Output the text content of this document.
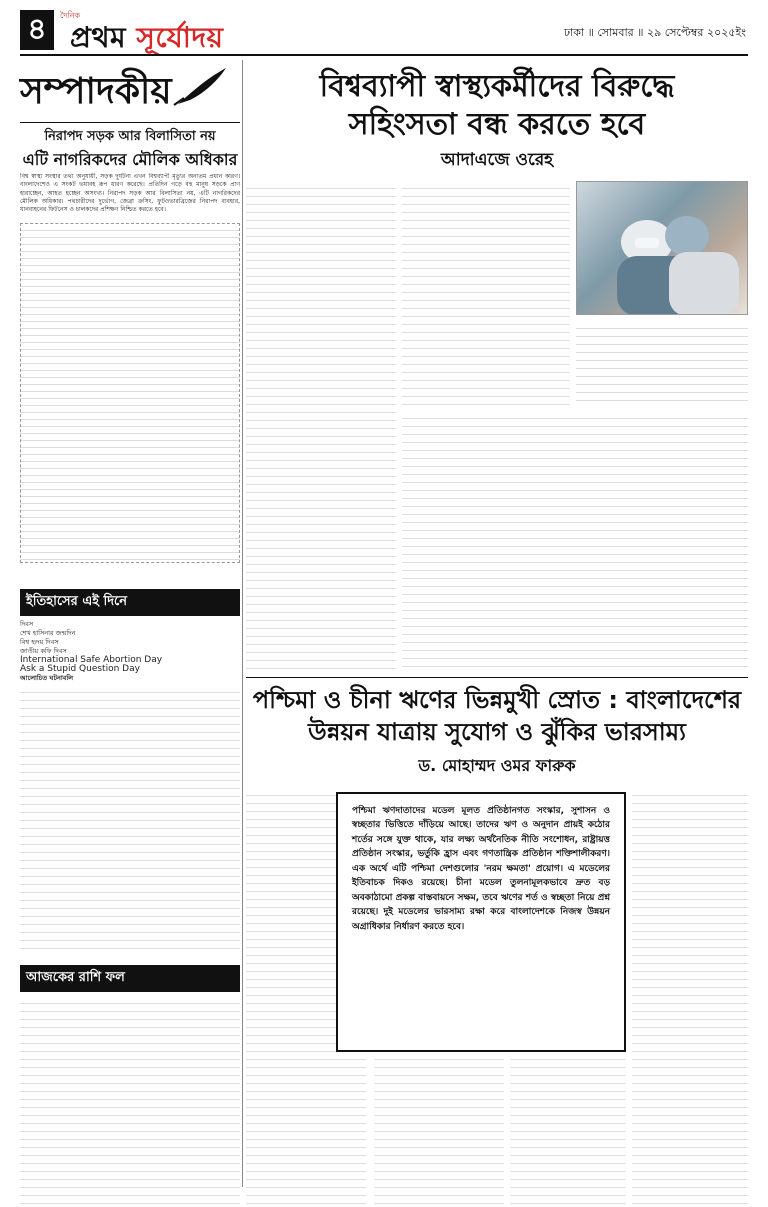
৪	দৈনিক
প্রথম সূর্যোদয়	ঢাকা ॥ সোমবার ॥ ২৯ সেপ্টেম্বর ২০২৫ইং
সম্পাদকীয়
নিরাপদ সড়ক আর বিলাসিতা নয়
এটি নাগরিকদের মৌলিক অধিকার
বিশ্ব স্বাস্থ্য সংস্থার তথ্য অনুযায়ী, সড়ক দুর্ঘটনা এখন বিশ্বব্যাপী মৃত্যুর অন্যতম প্রধান কারণ। বাংলাদেশেও এ সংকট ভয়াবহ রূপ ধারণ করেছে। প্রতিদিন গড়ে বহু মানুষ সড়কে প্রাণ হারাচ্ছেন, আহত হচ্ছেন অসংখ্য। নিরাপদ সড়ক আর বিলাসিতা নয়, এটি নাগরিকদের মৌলিক অধিকার। পথচারীদের দুর্ভোগ, জেব্রা ক্রসিং, ফুটওভারব্রিজের নিরাপদ ব্যবহার, যানবাহনের ফিটনেস ও চালকদের প্রশিক্ষণ নিশ্চিত করতে হবে।
ইতিহাসের এই দিনে
দিবস
শেখ হাসিনার জন্মদিন
বিশ্ব হৃদয় দিবস
জাতীয় কফি দিবস
International Safe Abortion Day
Ask a Stupid Question Day
আলোচিত ঘটনাবলি
আজকের রাশি ফল
বিশ্বব্যাপী স্বাস্থ্যকর্মীদের বিরুদ্ধে
সহিংসতা বন্ধ করতে হবে
আদাএজে ওরেহ
পশ্চিমা ও চীনা ঋণের ভিন্নমুখী স্রোত : বাংলাদেশের
উন্নয়ন যাত্রায় সুযোগ ও ঝুঁকির ভারসাম্য
ড. মোহাম্মদ ওমর ফারুক
পশ্চিমা ঋণদাতাদের মডেল মূলত প্রতিষ্ঠানগত সংস্কার, সুশাসন ও স্বচ্ছতার ভিত্তিতে দাঁড়িয়ে আছে। তাদের ঋণ ও অনুদান প্রায়ই কঠোর শর্তের সঙ্গে যুক্ত থাকে, যার লক্ষ্য অর্থনৈতিক নীতি সংশোধন, রাষ্ট্রায়ত্ত প্রতিষ্ঠান সংস্কার, ভর্তুকি হ্রাস এবং গণতান্ত্রিক প্রতিষ্ঠান শক্তিশালীকরণ। এক অর্থে এটি পশ্চিমা দেশগুলোর 'নরম ক্ষমতা' প্রয়োগ। এ মডেলের ইতিবাচক দিকও রয়েছে। চীনা মডেল তুলনামূলকভাবে দ্রুত বড় অবকাঠামো প্রকল্প বাস্তবায়নে সক্ষম, তবে ঋণের শর্ত ও স্বচ্ছতা নিয়ে প্রশ্ন রয়েছে। দুই মডেলের ভারসাম্য রক্ষা করে বাংলাদেশকে নিজস্ব উন্নয়ন অগ্রাধিকার নির্ধারণ করতে হবে।
